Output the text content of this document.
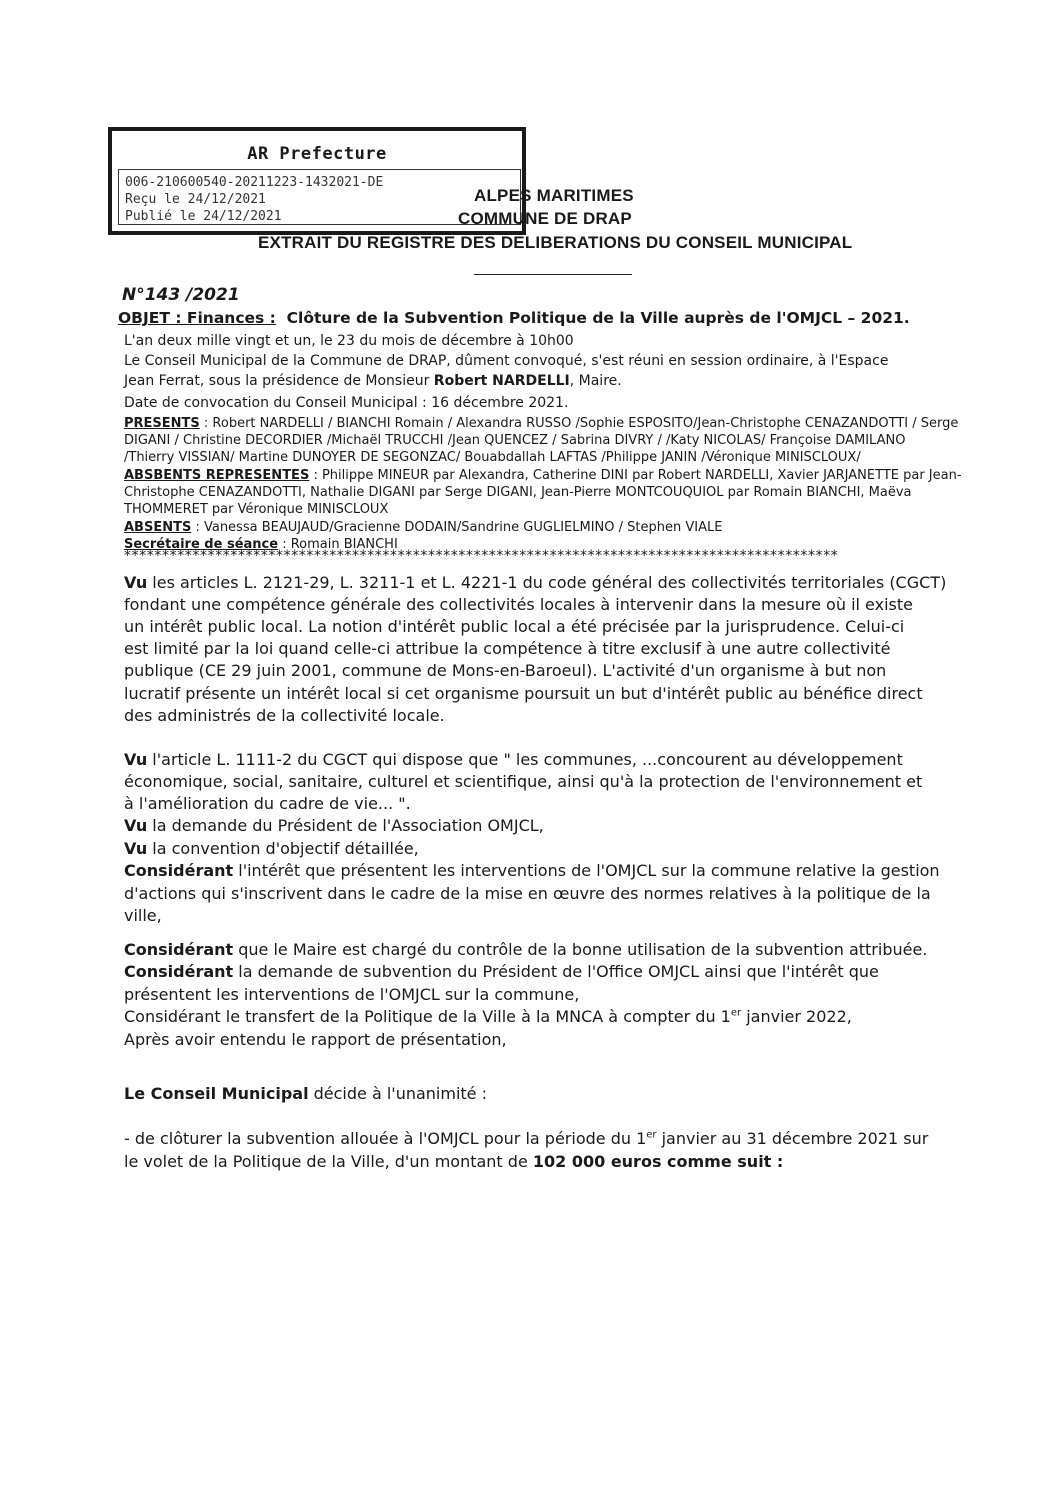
AR Prefecture
006-210600540-20211223-1432021-DE
Reçu le 24/12/2021
Publié le 24/12/2021
ALPES MARITIMES
COMMUNE DE DRAP
EXTRAIT DU REGISTRE DES DELIBERATIONS DU CONSEIL MUNICIPAL
N°143 /2021
OBJET : Finances : Clôture de la Subvention Politique de la Ville auprès de l'OMJCL – 2021.
L'an deux mille vingt et un, le 23 du mois de décembre à 10h00
Le Conseil Municipal de la Commune de DRAP, dûment convoqué, s'est réuni en session ordinaire, à l'Espace
Jean Ferrat, sous la présidence de Monsieur Robert NARDELLI, Maire.
Date de convocation du Conseil Municipal : 16 décembre 2021.
PRESENTS : Robert NARDELLI / BIANCHI Romain / Alexandra RUSSO /Sophie ESPOSITO/Jean-Christophe CENAZANDOTTI / Serge
DIGANI / Christine DECORDIER /Michaël TRUCCHI /Jean QUENCEZ / Sabrina DIVRY / /Katy NICOLAS/ Françoise DAMILANO
/Thierry VISSIAN/ Martine DUNOYER DE SEGONZAC/ Bouabdallah LAFTAS /Philippe JANIN /Véronique MINISCLOUX/
ABSBENTS REPRESENTES : Philippe MINEUR par Alexandra, Catherine DINI par Robert NARDELLI, Xavier JARJANETTE par Jean-
Christophe CENAZANDOTTI, Nathalie DIGANI par Serge DIGANI, Jean-Pierre MONTCOUQUIOL par Romain BIANCHI, Maëva
THOMMERET par Véronique MINISCLOUX
ABSENTS : Vanessa BEAUJAUD/Gracienne DODAIN/Sandrine GUGLIELMINO / Stephen VIALE
Secrétaire de séance : Romain BIANCHI
**********************************************************************************************
Vu les articles L. 2121-29, L. 3211-1 et L. 4221-1 du code général des collectivités territoriales (CGCT)
fondant une compétence générale des collectivités locales à intervenir dans la mesure où il existe
un intérêt public local. La notion d'intérêt public local a été précisée par la jurisprudence. Celui-ci
est limité par la loi quand celle-ci attribue la compétence à titre exclusif à une autre collectivité
publique (CE 29 juin 2001, commune de Mons-en-Baroeul). L'activité d'un organisme à but non
lucratif présente un intérêt local si cet organisme poursuit un but d'intérêt public au bénéfice direct
des administrés de la collectivité locale.
Vu l'article L. 1111-2 du CGCT qui dispose que " les communes, ...concourent au développement
économique, social, sanitaire, culturel et scientifique, ainsi qu'à la protection de l'environnement et
à l'amélioration du cadre de vie... ".
Vu la demande du Président de l'Association OMJCL,
Vu la convention d'objectif détaillée,
Considérant l'intérêt que présentent les interventions de l'OMJCL sur la commune relative la gestion
d'actions qui s'inscrivent dans le cadre de la mise en œuvre des normes relatives à la politique de la
ville,
Considérant que le Maire est chargé du contrôle de la bonne utilisation de la subvention attribuée.
Considérant la demande de subvention du Président de l'Office OMJCL ainsi que l'intérêt que
présentent les interventions de l'OMJCL sur la commune,
Considérant le transfert de la Politique de la Ville à la MNCA à compter du 1er janvier 2022,
Après avoir entendu le rapport de présentation,
Le Conseil Municipal décide à l'unanimité :
- de clôturer la subvention allouée à l'OMJCL pour la période du 1er janvier au 31 décembre 2021 sur
le volet de la Politique de la Ville, d'un montant de 102 000 euros comme suit :
